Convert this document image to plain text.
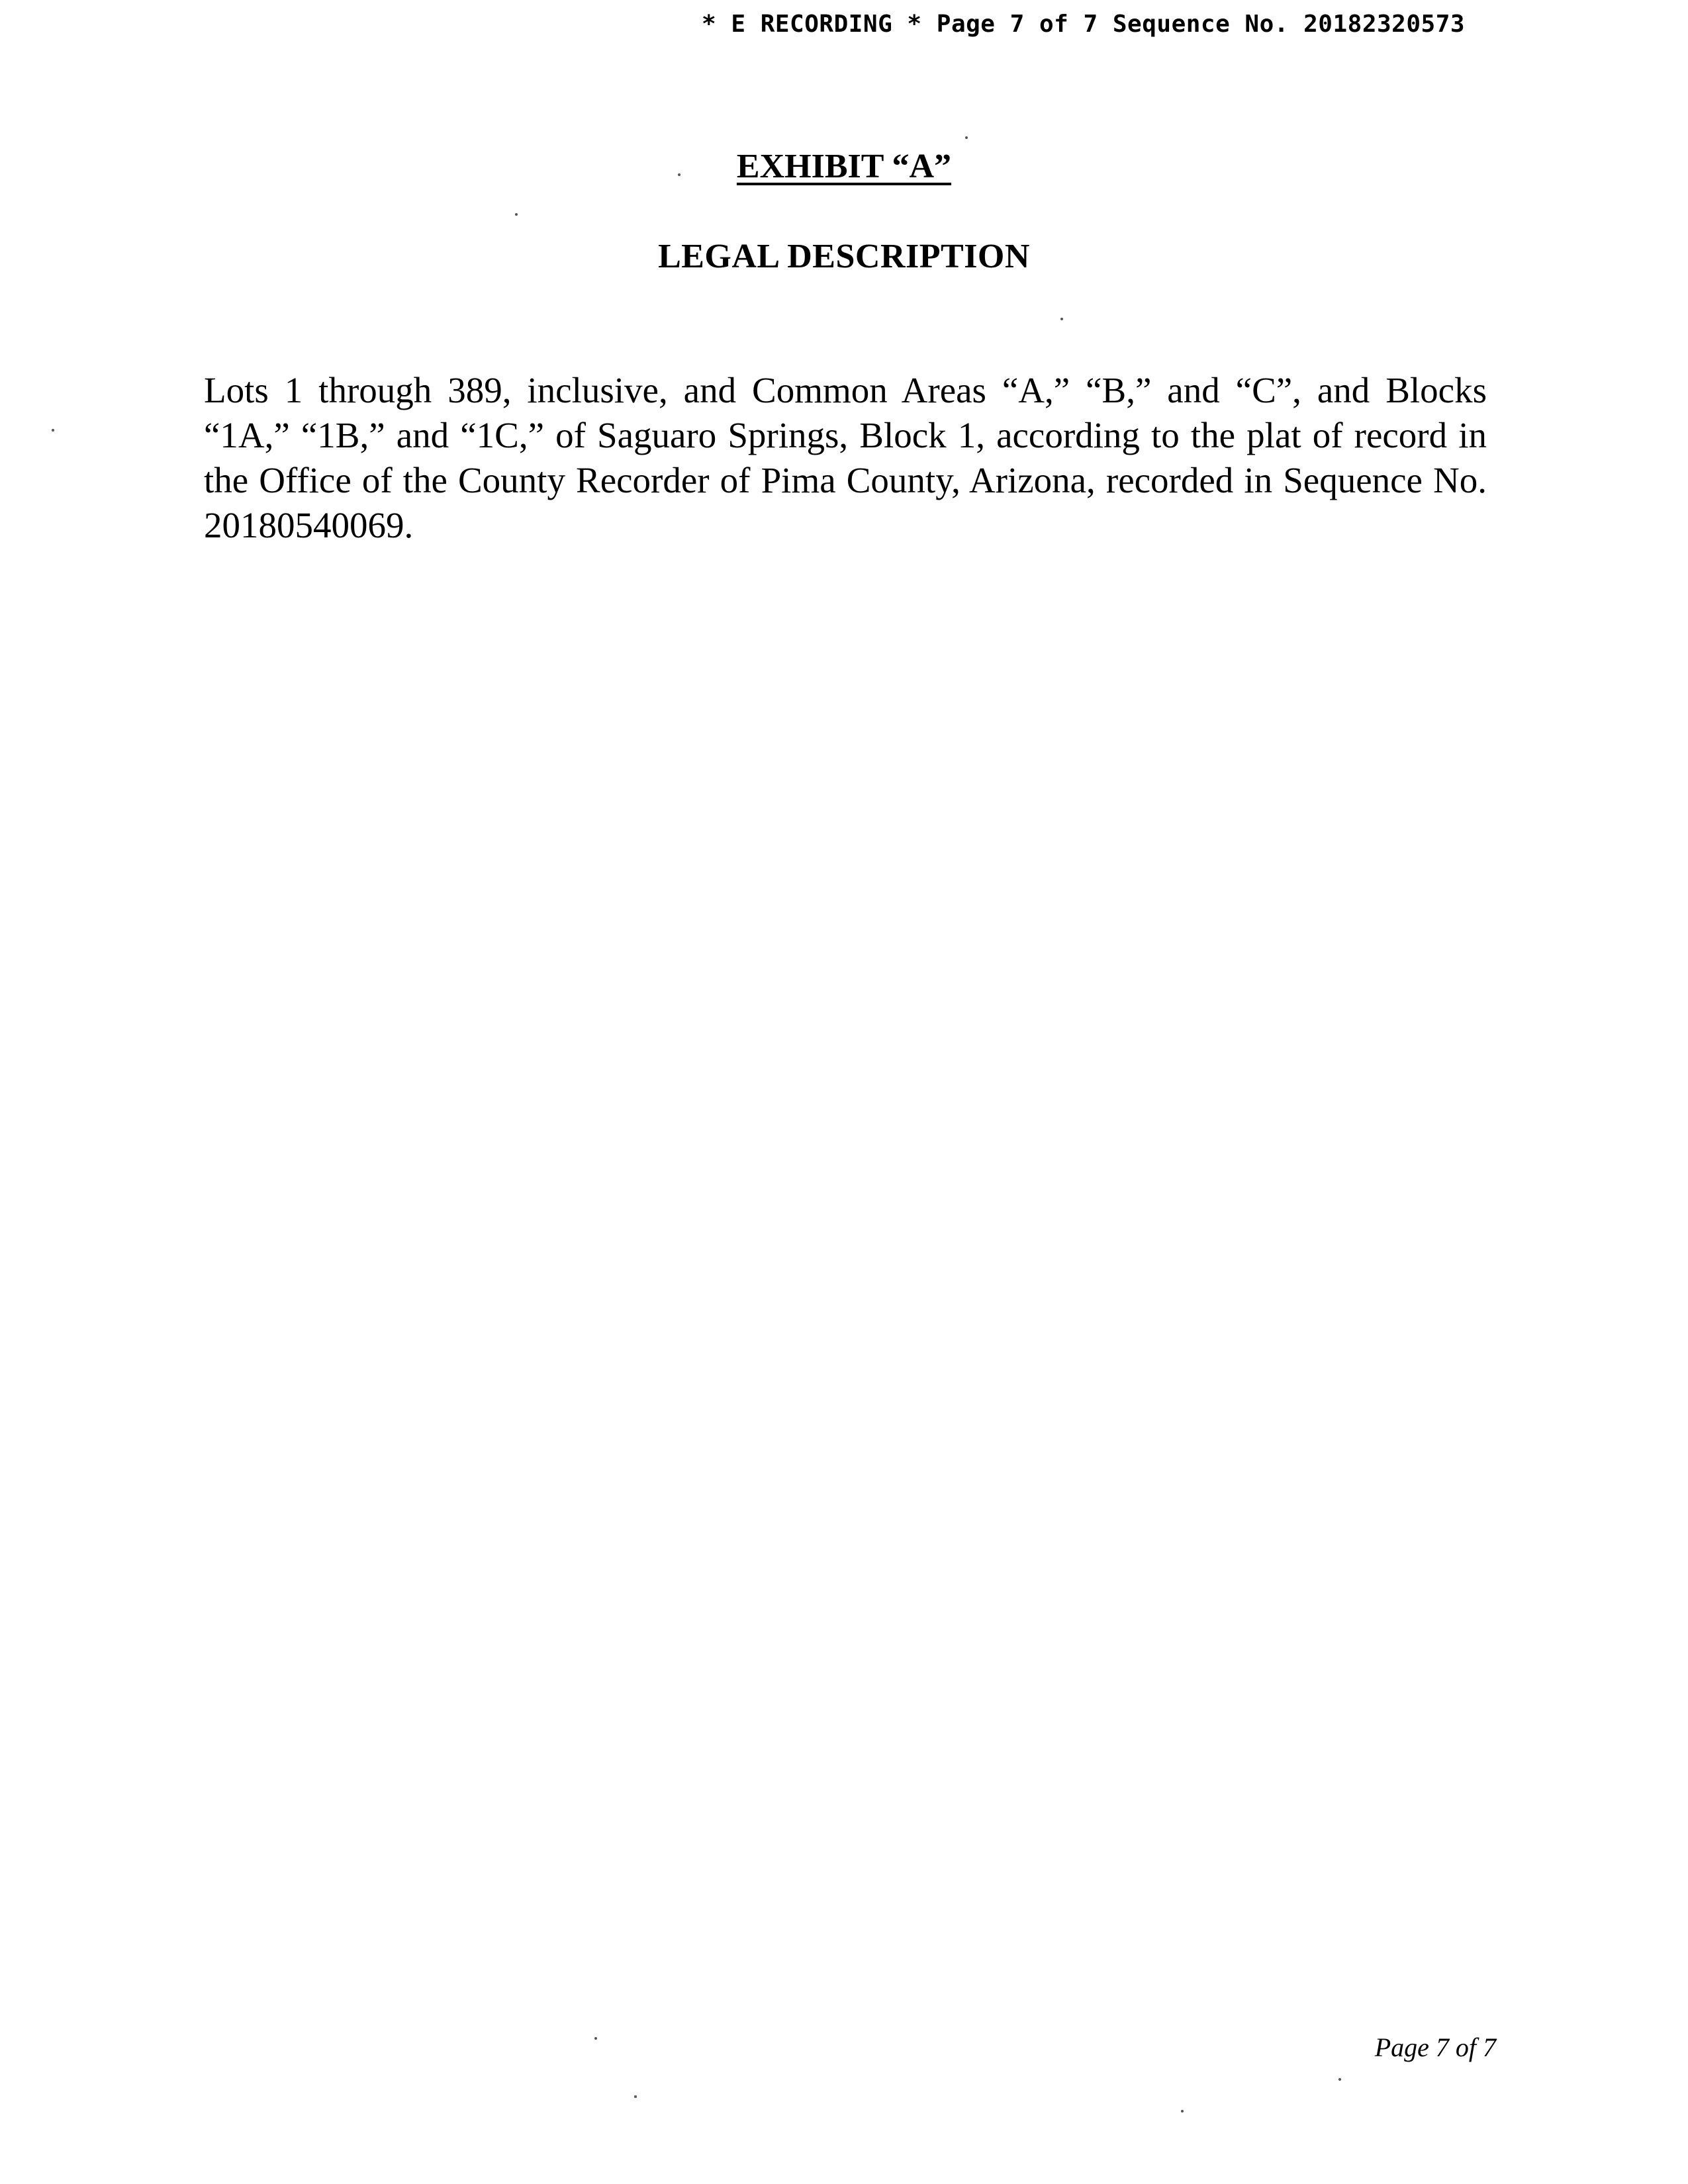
* E RECORDING * Page 7 of 7 Sequence No. 20182320573
EXHIBIT “A”
LEGAL DESCRIPTION

Lots 1 through 389, inclusive, and Common Areas “A,” “B,” and “C”, and Blocks “1A,” “1B,” and “1C,” of Saguaro Springs, Block 1, according to the plat of record in the Office of the County Recorder of Pima County, Arizona, recorded in Sequence No. 20180540069.

Page 7 of 7
